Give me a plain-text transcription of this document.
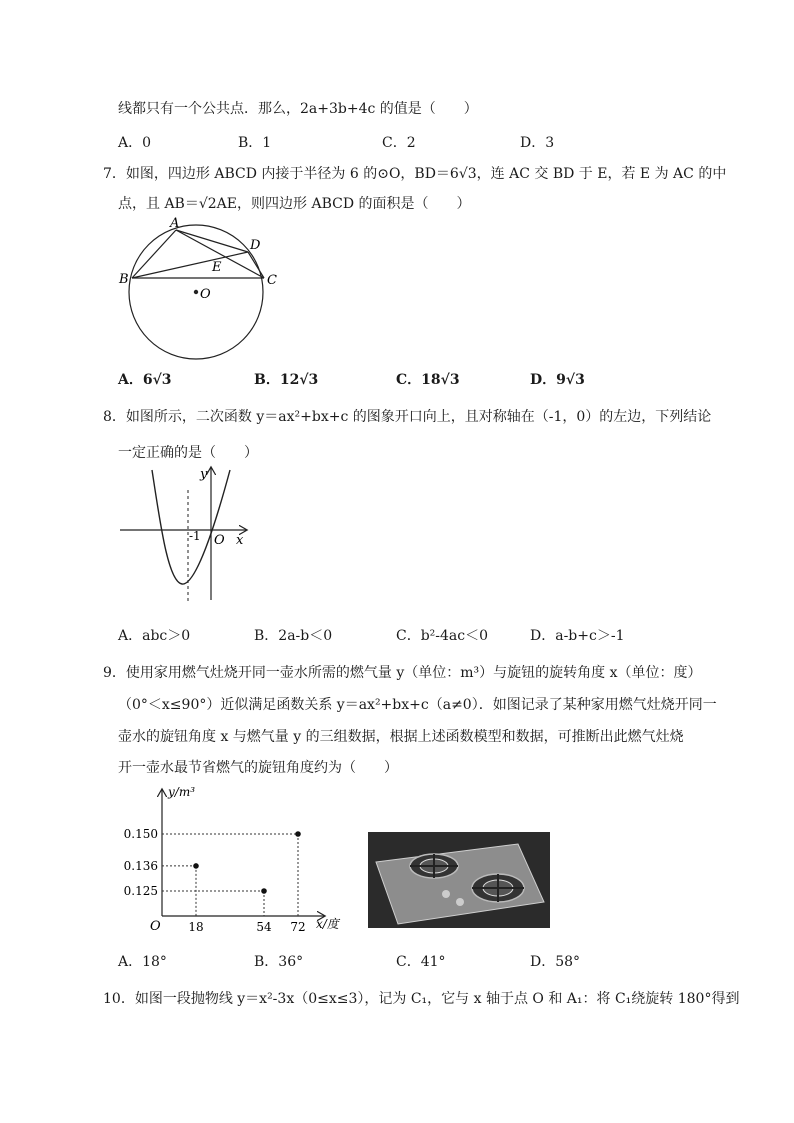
线都只有一个公共点．那么，2a+3b+4c 的值是（　　）
A．0	B．1	C．2	D．3
7．如图，四边形 ABCD 内接于半径为 6 的⊙O，BD＝6√3，连 AC 交 BD 于 E，若 E 为 AC 的中
点，且 AB＝√2AE，则四边形 ABCD 的面积是（　　）
A
B	C
D
E
O
A．6√3	B．12√3	C．18√3	D．9√3
8．如图所示，二次函数 y＝ax²+bx+c 的图象开口向上，且对称轴在（-1，0）的左边，下列结论
一定正确的是（　　）
y
x
O
-1
A．abc＞0	B．2a-b＜0	C．b²-4ac＜0	D．a-b+c＞-1
9．使用家用燃气灶烧开同一壶水所需的燃气量 y（单位：m³）与旋钮的旋转角度 x（单位：度）
（0°＜x≤90°）近似满足函数关系 y＝ax²+bx+c（a≠0）．如图记录了某种家用燃气灶烧开同一
壶水的旋钮角度 x 与燃气量 y 的三组数据，根据上述函数模型和数据，可推断出此燃气灶烧
开一壶水最节省燃气的旋钮角度约为（　　）
18	54 72
0.150
0.136
0.125
y/m³
x/度
O
A．18°	B．36°	C．41°	D．58°
10．如图一段抛物线 y＝x²-3x（0≤x≤3），记为 C₁，它与 x 轴于点 O 和 A₁：将 C₁绕旋转 180°得到
